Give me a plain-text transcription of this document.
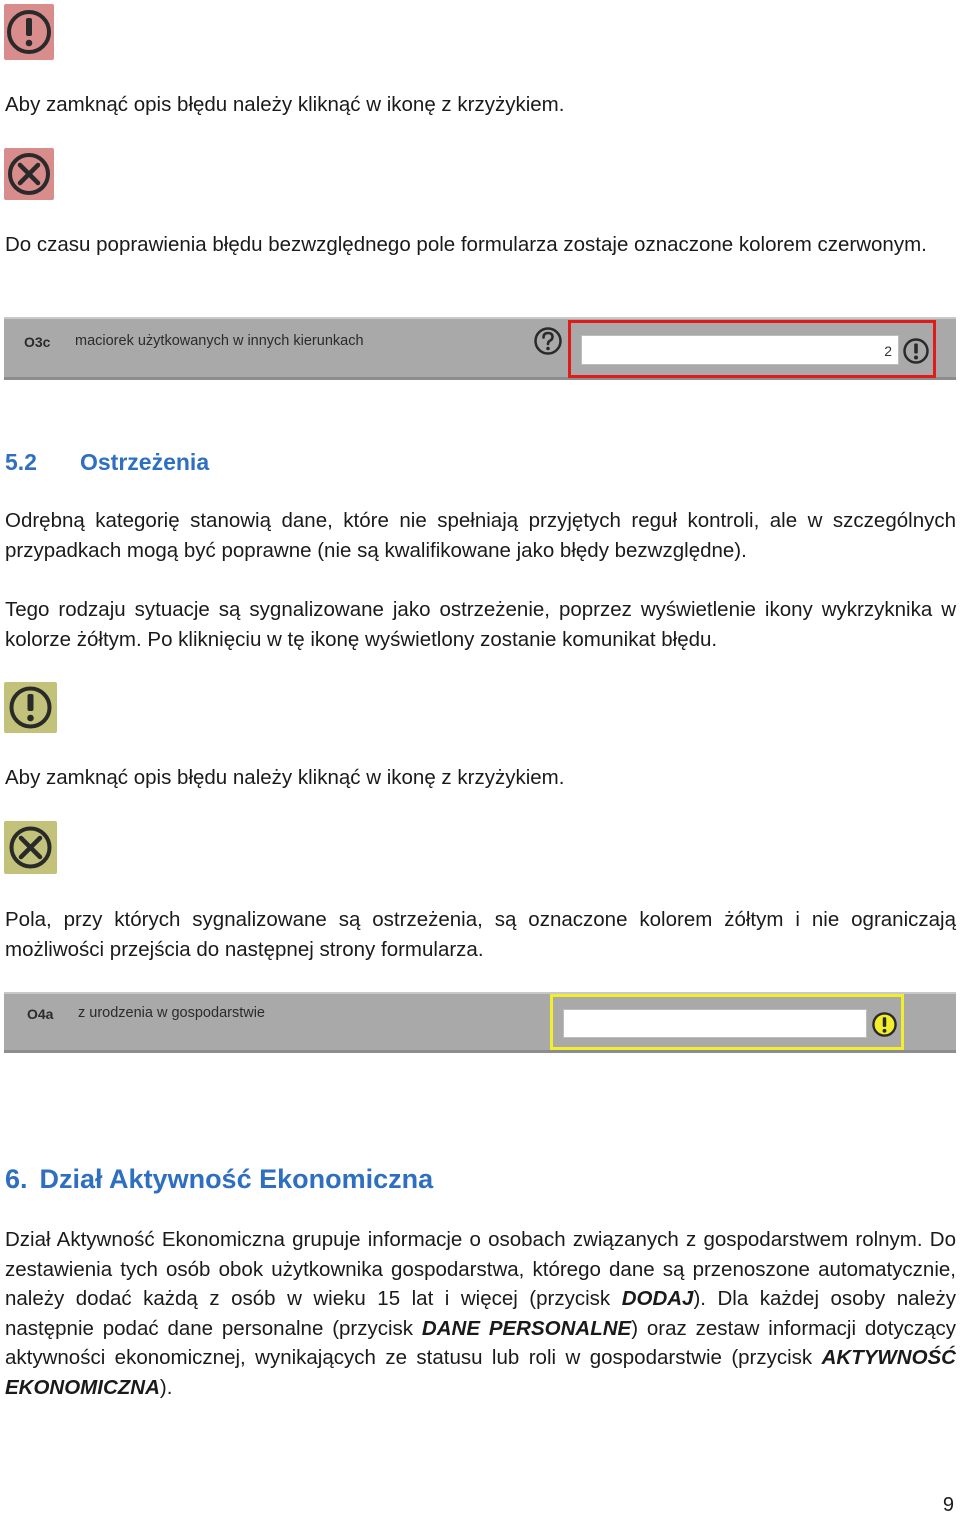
Aby zamknąć opis błędu należy kliknąć w ikonę z krzyżykiem.
Do czasu poprawienia błędu bezwzględnego pole formularza zostaje oznaczone kolorem czerwonym.
O3c maciorek użytkowanych w innych kierunkach
2
5.2 Ostrzeżenia
Odrębną kategorię stanowią dane, które nie spełniają przyjętych reguł kontroli, ale w szczególnych przypadkach mogą być poprawne (nie są kwalifikowane jako błędy bezwzględne).
Tego rodzaju sytuacje są sygnalizowane jako ostrzeżenie, poprzez wyświetlenie ikony wykrzyknika w kolorze żółtym. Po kliknięciu w tę ikonę wyświetlony zostanie komunikat błędu.
Aby zamknąć opis błędu należy kliknąć w ikonę z krzyżykiem.
Pola, przy których sygnalizowane są ostrzeżenia, są oznaczone kolorem żółtym i nie ograniczają możliwości przejścia do następnej strony formularza.
O4a z urodzenia w gospodarstwie
6. Dział Aktywność Ekonomiczna
Dział Aktywność Ekonomiczna grupuje informacje o osobach związanych z gospodarstwem rolnym. Do zestawienia tych osób obok użytkownika gospodarstwa, którego dane są przenoszone automatycznie, należy dodać każdą z osób w wieku 15 lat i więcej (przycisk DODAJ). Dla każdej osoby należy następnie podać dane personalne (przycisk DANE PERSONALNE) oraz zestaw informacji dotyczący aktywności ekonomicznej, wynikających ze statusu lub roli w gospodarstwie (przycisk AKTYWNOŚĆ EKONOMICZNA).
9
